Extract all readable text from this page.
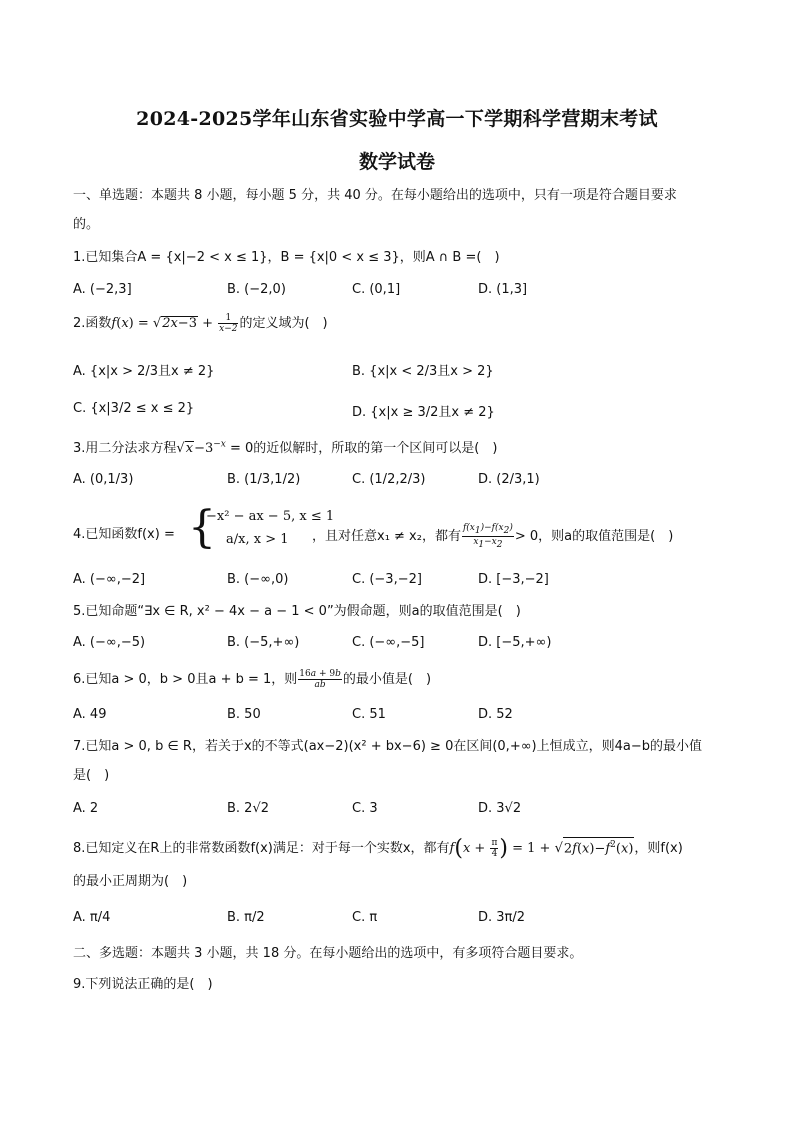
2024-2025学年山东省实验中学高一下学期科学营期末考试
数学试卷
一、单选题：本题共 8 小题，每小题 5 分，共 40 分。在每小题给出的选项中，只有一项是符合题目要求
的。
1.已知集合A = {x|−2 < x ≤ 1}，B = {x|0 < x ≤ 3}，则A ∩ B =(　)
A. (−2,3]	B. (−2,0)	C. (0,1]	D. (1,3]
2.函数$f(x) = √2x-3 + \frac{1}{x-2}$ 的定义域为(　)
A. {x|x > 2/3且x ≠ 2}	B. {x|x < 2/3且x > 2}
C. {x|3/2 ≤ x ≤ 2}	D. {x|x ≥ 3/2且x ≠ 2}
3.用二分法求方程$√x-3^{-x} = 0$的近似解时，所取的第一个区间可以是(　)
A. (0,1/3)	B. (1/3,1/2)	C. (1/2,2/3)	D. (2/3,1)
4.已知函数f(x) = {
−x² − ax − 5, x ≤ 1
a/x, x > 1 ，且对任意x₁ ≠ x₂，都有 $\frac{f(x_1)-f(x_2)}{x_1-x_2} > 0$，则a的取值范围是(　)
A. (−∞,−2]	B. (−∞,0)	C. (−3,−2]	D. [−3,−2]
5.已知命题“∃x ∈ R, x² − 4x − a − 1 < 0”为假命题，则a的取值范围是(　)
A. (−∞,−5)	B. (−5,+∞)	C. (−∞,−5]	D. [−5,+∞)
6.已知a > 0，b > 0且a + b = 1，则 $\frac{16a + 9b}{ab}$ 的最小值是(　)
A. 49	B. 50	C. 51	D. 52
7.已知a > 0, b ∈ R，若关于x的不等式(ax−2)(x² + bx−6) ≥ 0在区间(0,+∞)上恒成立，则4a−b的最小值
是(　)
A. 2	B. 2√2	C. 3	D. 3√2
8.已知定义在R上的非常数函数f(x)满足：对于每一个实数x，都有$f(x + \frac{\pi}{4}$ ) = $1 + √2f(x)-f^2(x)$，则f(x)
的最小正周期为(　)
A. π/4	B. π/2	C. π	D. 3π/2
二、多选题：本题共 3 小题，共 18 分。在每小题给出的选项中，有多项符合题目要求。
9.下列说法正确的是(　)
